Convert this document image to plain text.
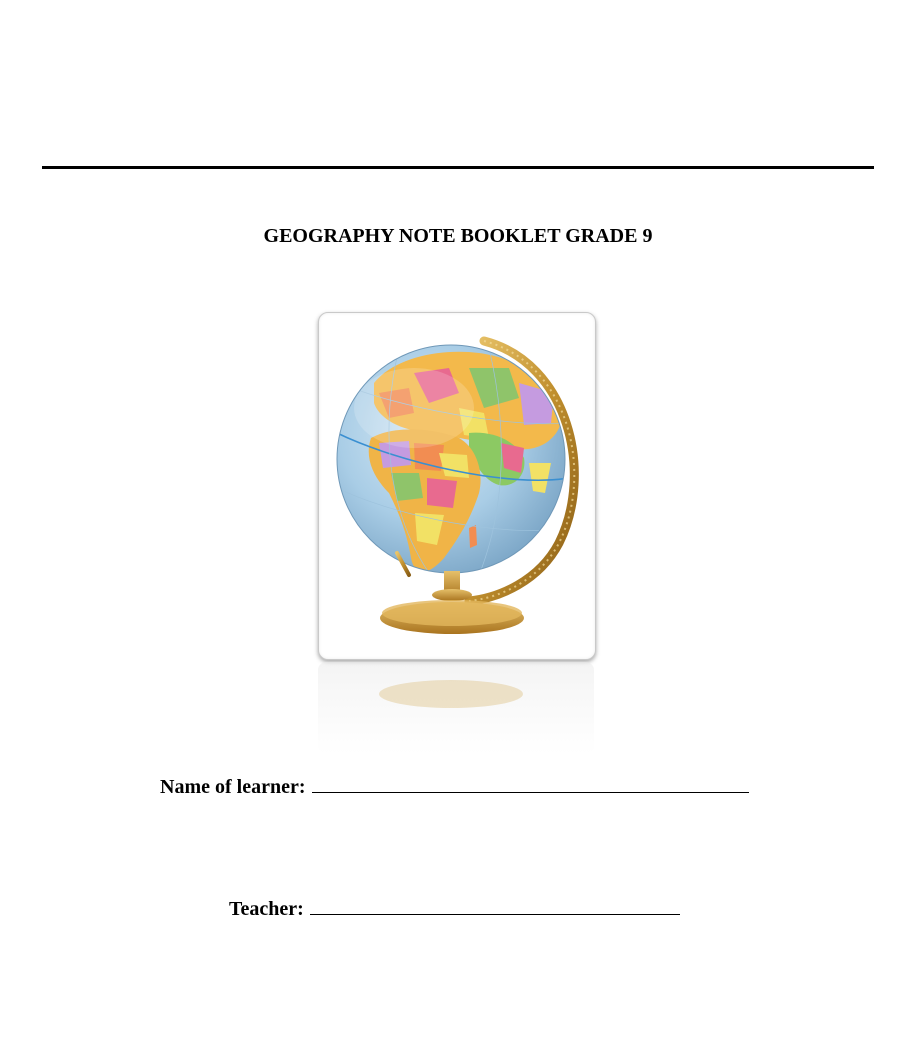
GEOGRAPHY NOTE BOOKLET GRADE 9
Name of learner:
Teacher:
